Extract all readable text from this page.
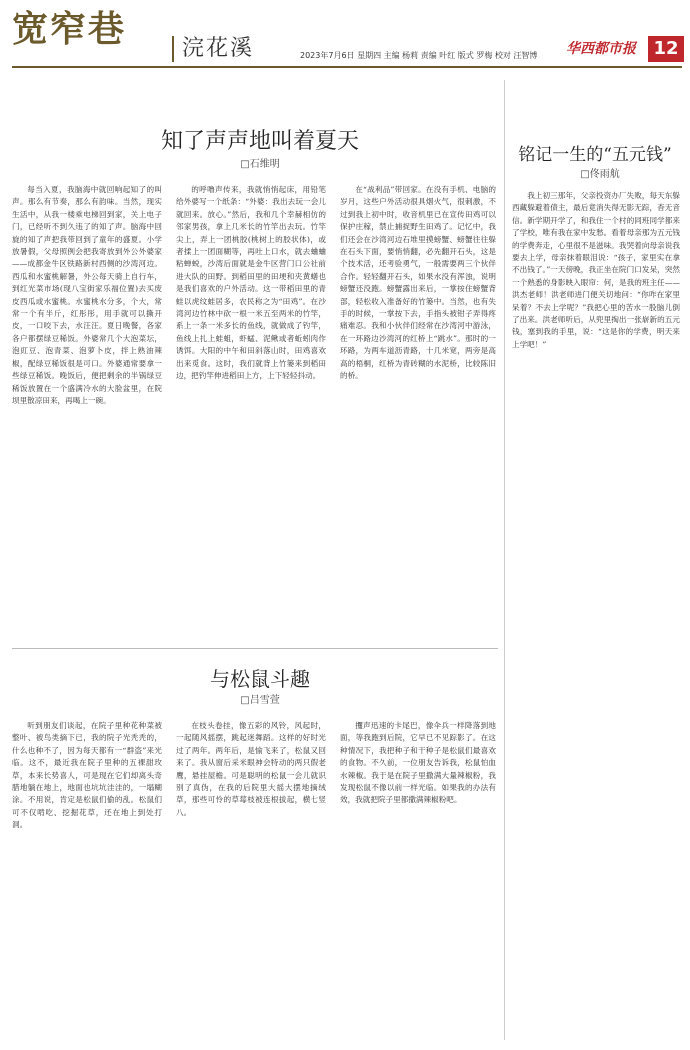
宽窄巷	浣花溪	2023年7月6日 星期四 主编 杨莉 责编 叶红 版式 罗梅 校对 汪智博	华西都市报 12
知了声声地叫着夏天
□石维明

每当入夏，我脑海中就回响起知了的叫声。那么有节奏，那么有韵味。当然，现实生活中，从我一楼乘电梯回到家，关上电子门，已经听不到久违了的知了声。脑海中回旋的知了声把我带回到了童年的盛夏。小学放暑假，父母照例会把我寄放到外公外婆家——成都金牛区铁路新村西侧的沙湾河边。西瓜和水蜜桃解暑，外公每天骑上自行车，到红光菜市场(现八宝街家乐福位置)去买废皮西瓜或水蜜桃。水蜜桃水分多，个大，常常一个有半斤，红彤彤，用手就可以撕开皮，一口咬下去，水汪汪。夏日晚餐，各家各户都摆绿豆稀饭。外婆常几个大泡菜坛，泡豇豆、泡青菜、泡萝卜皮，拌上熟油辣椒，配绿豆稀饭很是可口。外婆通常要拿一些绿豆稀饭。晚饭后，便把剩余的半锅绿豆稀饭放置在一个盛满冷水的大脸盆里，在院坝里散凉田来，再喝上一碗。

的呼噜声传来，我就悄悄起床，用铅笔给外婆写一个纸条：“外婆：我出去玩一会儿就回来。放心。”然后，我和几个幸赫相仿的邻家男孩，拿上几米长的竹竿出去玩。竹竿尖上，弄上一团桃胶(桃树上的胶状体)，或者揉上一团面糊等，再吐上口水，就去蛐蛐粘蝉蜕，沙湾后面就是金牛区营门口公社前进大队的田野。到稻田里的田埂和夹黄蟮也是我们喜欢的户外活动。这一带稻田里的青蛙以虎纹蛙居多，农民称之为“田鸡”。在沙湾河边竹林中砍一根一米五至两米的竹竿，系上一条一米多长的鱼线，就做成了钓竿，鱼线上扎上蛙蛆，虾蜢、泥鳅或者蚯蚓肉作诱饵。大阳的中午和田斜落山时，田鸡喜欢出来觅食。这时，我们就背上竹篓来到稻田边，把钓竿伸进稻田上方，上下轻轻抖动。

在“战利品”带回家。在没有手机、电脑的岁月，这些户外活动很具烟火气，很刺激，不过到我上初中时，收音机里已在宣传田鸡可以保护庄稼，禁止捕捉野生田鸡了。记忆中，我们还会在沙湾河边石堆里摸螃蟹、螃蟹往往躲在石头下面，要悄悄翻，必先翻开石头，这是个技术活，还考验勇气，一般需要两三个伙伴合作。轻轻翻开石头，如果水没有浑浊，说明螃蟹还没跑。螃蟹露出来后，一掌按住螃蟹背部，轻松收入准备好的竹篓中。当然，也有失手的时候，一掌按下去，手指头被钳子弄得疼痛难忍。我和小伙伴们经常在沙湾河中游泳，在一环路边沙湾河的红桥上“跳水”。那时的一环路，为两车道沥青路，十几米宽，两旁是高高的梧桐，红桥为青砖糊的水泥桥，比较陈旧的桥。

与松鼠斗趣
□吕雪萱

听到朋友们谈起，在院子里种花种菜被整叶、被鸟类摘下已，我的院子光秃秃的，什么也种不了，因为每天都有一“群盗”来光临。这不，最近我在院子里种的五裸甜玫草，本来长势喜人，可是现在它们却离头奇腊地躺在地上，地面也坑坑洼洼的，一塌糊涂。不用说，肯定是松鼠们偷的乱。松鼠们可不仅啃吃、挖掘花草，还在地上到处打洞。

在枝头卷挂，像五彩的风铃，风起时，一起随风摇摆，跳起迷舞蹈。这样的好时光过了两年。两年后，是愉飞来了，松鼠又回来了。我从窗后采米眼神会特动的两只假老鹰，悬挂屋檐。可是聪明的松鼠一会儿就识别了真伪，在我的后院里大摇大摆地摘绒草，那些可怜的草莓枝被连根拔起，横七竖八。

攫声迅速的卡尾巴，像伞兵一样降落到地面，等我跑到后院，它早已不见踪影了。在这种情况下，我把种子和干种子是松鼠们最喜欢的食物。不久前，一位朋友告诉我，松鼠怕血水辣椒。我于是在院子里撒满大量辣椒粉，我发现松鼠不像以前一样光临。如果我的办法有效，我就把院子里都撒满辣椒粉吧。

铭记一生的“五元钱”
□佟雨航

我上初三那年，父亲投资办厂失败，每天东躲西藏躲避着债主，最后竟消失得无影无踪，杳无音信。新学期开学了，和我住一个村的同班同学都来了学校，唯有我在家中发愁。看着母亲那为五元钱的学费奔走，心里很不是滋味。我哭着向母亲说我要去上学，母亲抹着眼泪说：“孩子，家里实在拿不出钱了。”一天傍晚，我正坐在院门口发呆，突然一个熟悉的身影映入眼帘：何，是我的班主任——洪杰老师！洪老师进门便关切地问：“你咋在家里呆着？不去上学呢？”我把心里的苦水一股脑儿倒了出来。洪老师听后，从兜里掏出一张崭新的五元钱，塞到我的手里，说：“这是你的学费，明天来上学吧！”
